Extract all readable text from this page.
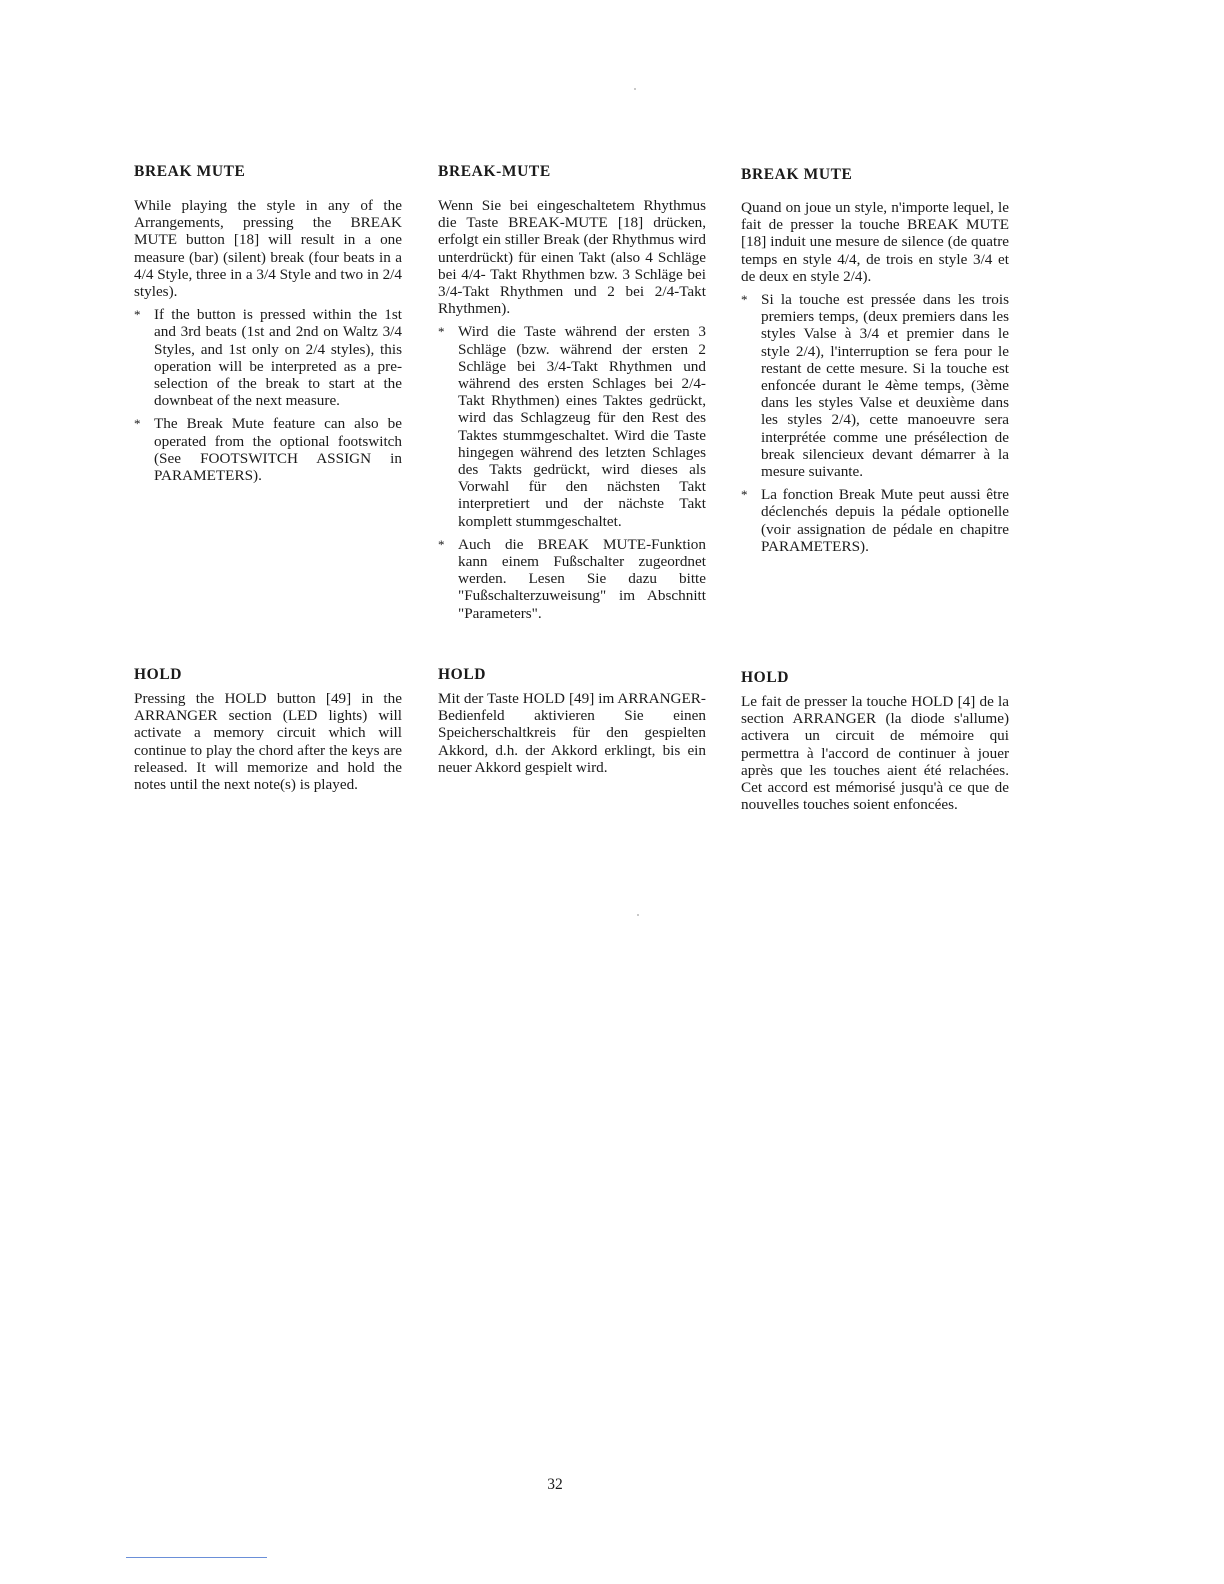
BREAK MUTE

While playing the style in any of the Arrangements, pressing the BREAK MUTE button [18] will result in a one measure (bar) (silent) break (four beats in a 4/4 Style, three in a 3/4 Style and two in 2/4 styles).

* If the button is pressed within the 1st and 3rd beats (1st and 2nd on Waltz 3/4 Styles, and 1st only on 2/4 styles), this operation will be interpreted as a pre-selection of the break to start at the downbeat of the next measure.
* The Break Mute feature can also be operated from the optional footswitch (See FOOTSWITCH ASSIGN in PARAMETERS).
HOLD

Pressing the HOLD button [49] in the ARRANGER section (LED lights) will activate a memory circuit which will continue to play the chord after the keys are released. It will memorize and hold the notes until the next note(s) is played.

BREAK-MUTE

Wenn Sie bei eingeschaltetem Rhythmus die Taste BREAK-MUTE [18] drücken, erfolgt ein stiller Break (der Rhythmus wird unterdrückt) für einen Takt (also 4 Schläge bei 4/4- Takt Rhythmen bzw. 3 Schläge bei 3/4-Takt Rhythmen und 2 bei 2/4-Takt Rhythmen).

* Wird die Taste während der ersten 3 Schläge (bzw. während der ersten 2 Schläge bei 3/4-Takt Rhythmen und während des ersten Schlages bei 2/4-Takt Rhythmen) eines Taktes gedrückt, wird das Schlagzeug für den Rest des Taktes stummgeschaltet. Wird die Taste hingegen während des letzten Schlages des Takts gedrückt, wird dieses als Vorwahl für den nächsten Takt interpretiert und der nächste Takt komplett stummgeschaltet.
* Auch die BREAK MUTE-Funktion kann einem Fußschalter zugeordnet werden. Lesen Sie dazu bitte "Fußschalterzuweisung" im Abschnitt "Parameters".
HOLD

Mit der Taste HOLD [49] im ARRANGER-Bedienfeld aktivieren Sie einen Speicherschaltkreis für den gespielten Akkord, d.h. der Akkord erklingt, bis ein neuer Akkord gespielt wird.

BREAK MUTE

Quand on joue un style, n'importe lequel, le fait de presser la touche BREAK MUTE [18] induit une mesure de silence (de quatre temps en style 4/4, de trois en style 3/4 et de deux en style 2/4).

* Si la touche est pressée dans les trois premiers temps, (deux premiers dans les styles Valse à 3/4 et premier dans le style 2/4), l'interruption se fera pour le restant de cette mesure. Si la touche est enfoncée durant le 4ème temps, (3ème dans les styles Valse et deuxième dans les styles 2/4), cette manoeuvre sera interprétée comme une présélection de break silencieux devant démarrer à la mesure suivante.
* La fonction Break Mute peut aussi être déclenchés depuis la pédale optionelle (voir assignation de pédale en chapitre PARAMETERS).
HOLD

Le fait de presser la touche HOLD [4] de la section ARRANGER (la diode s'allume) activera un circuit de mémoire qui permettra à l'accord de continuer à jouer après que les touches aient été relachées. Cet accord est mémorisé jusqu'à ce que de nouvelles touches soient enfoncées.

32
